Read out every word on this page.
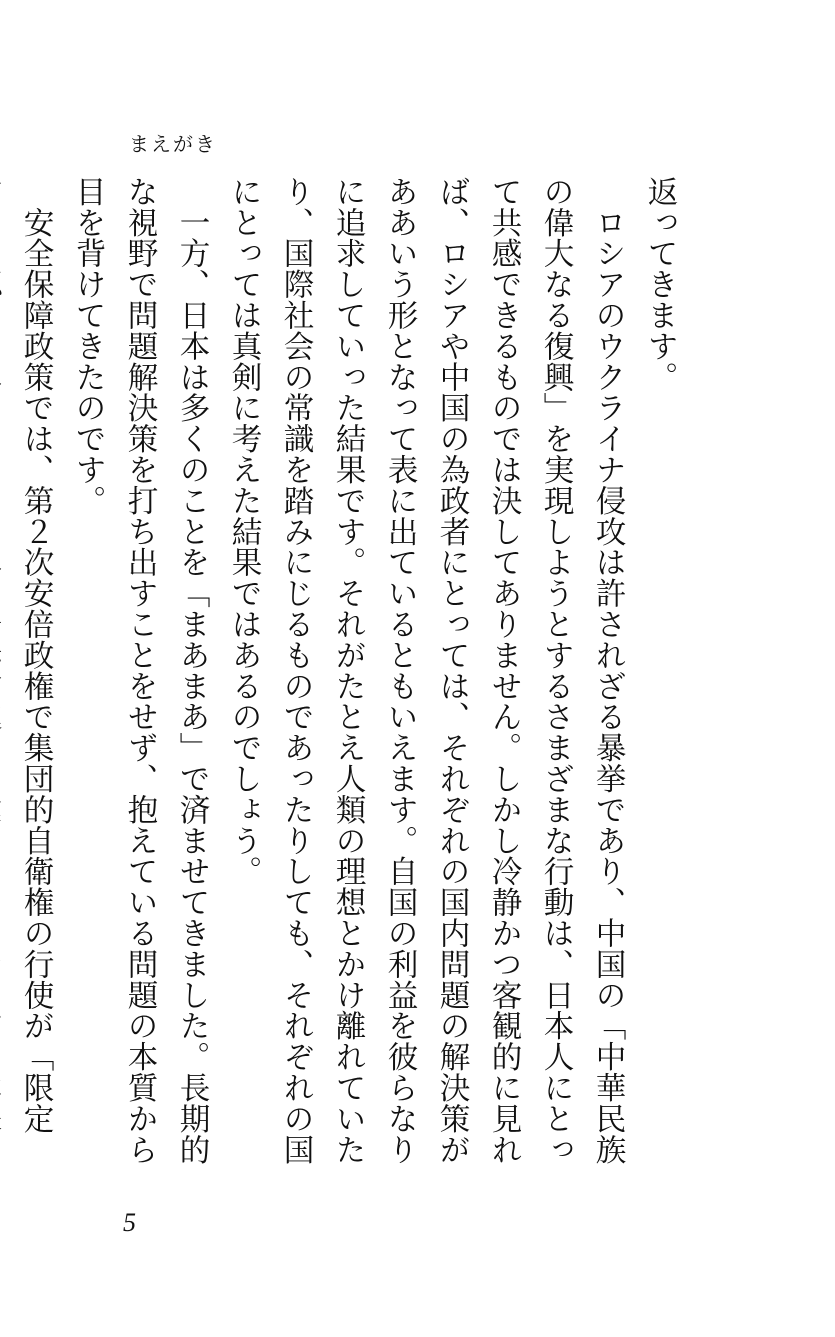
まえがき

返ってきます。

　ロシアのウクライナ侵攻は許されざる暴挙であり、中国の「中華民族の偉大なる復興」を実現しようとするさまざまな行動は、日本人にとって共感できるものでは決してありません。しかし冷静かつ客観的に見れば、ロシアや中国の為政者にとっては、それぞれの国内問題の解決策がああいう形となって表に出ているともいえます。自国の利益を彼らなりに追求していった結果です。それがたとえ人類の理想とかけ離れていたり、国際社会の常識を踏みにじるものであったりしても、それぞれの国にとっては真剣に考えた結果ではあるのでしょう。

　一方、日本は多くのことを「まあまあ」で済ませてきました。長期的な視野で問題解決策を打ち出すことをせず、抱えている問題の本質から目を背けてきたのです。

　安全保障政策では、第２次安倍政権で集団的自衛権の行使が「限定

5
